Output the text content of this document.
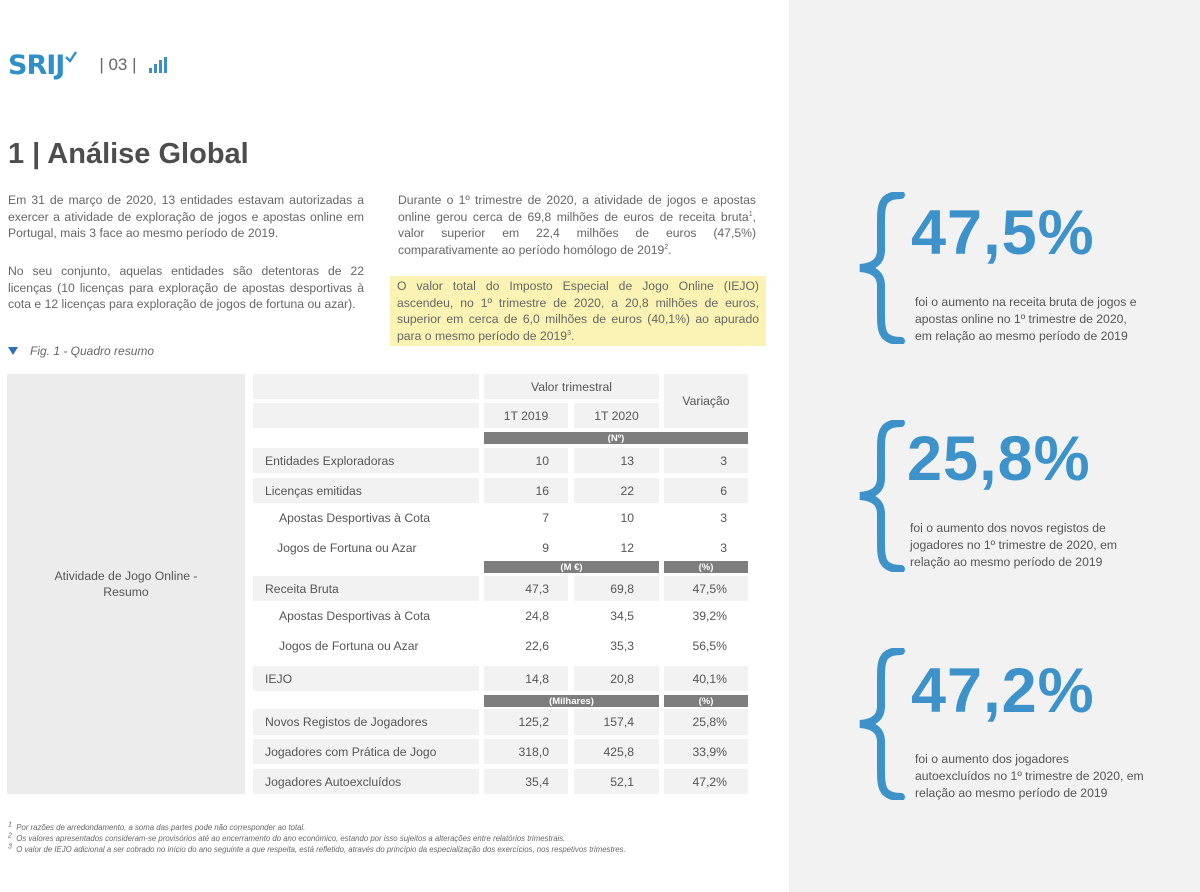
SRIJ | 03 |
1 | Análise Global

Em 31 de março de 2020, 13 entidades estavam autorizadas a exercer a atividade de exploração de jogos e apostas online em Portugal, mais 3 face ao mesmo período de 2019.

No seu conjunto, aquelas entidades são detentoras de 22 licenças (10 licenças para exploração de apostas desportivas à cota e 12 licenças para exploração de jogos de fortuna ou azar).

Durante o 1º trimestre de 2020, a atividade de jogos e apostas online gerou cerca de 69,8 milhões de euros de receita bruta$^1$, valor superior em 22,4 milhões de euros (47,5%) comparativamente ao período homólogo de 2019$^2$.

O valor total do Imposto Especial de Jogo Online (IEJO) ascendeu, no 1º trimestre de 2020, a 20,8 milhões de euros, superior em cerca de 6,0 milhões de euros (40,1%) ao apurado para o mesmo período de 2019$^3$.
Fig. 1 - Quadro resumo
Atividade de Jogo Online - Resumo
Valor trimestral
1T 2019	1T 2020
Variação
(Nº)
Entidades Exploradoras	10	13	3
Licenças emitidas	16	22	6
Apostas Desportivas à Cota	7	10	3
Jogos de Fortuna ou Azar	9	12	3
(M €)	(%)
Receita Bruta	47,3	69,8	47,5%
Apostas Desportivas à Cota	24,8	34,5	39,2%
Jogos de Fortuna ou Azar	22,6	35,3	56,5%
IEJO	14,8	20,8	40,1%
(Milhares)	(%)
Novos Registos de Jogadores	125,2	157,4	25,8%
Jogadores com Prática de Jogo	318,0	425,8	33,9%
Jogadores Autoexcluídos	35,4	52,1	47,2%
47,5%
foi o aumento na receita bruta de jogos e apostas online no 1º trimestre de 2020, em relação ao mesmo período de 2019
25,8%
foi o aumento dos novos registos de jogadores no 1º trimestre de 2020, em relação ao mesmo período de 2019
47,2%
foi o aumento dos jogadores autoexcluídos no 1º trimestre de 2020, em relação ao mesmo período de 2019
$^1$ Por razões de arredondamento, a soma das partes pode não corresponder ao total.
$^2$ Os valores apresentados consideram-se provisórios até ao encerramento do ano económico, estando por isso sujeitos a alterações entre relatórios trimestrais.
$^3$ O valor de IEJO adicional a ser cobrado no início do ano seguinte a que respeita, está refletido, através do princípio da especialização dos exercícios, nos respetivos trimestres.
